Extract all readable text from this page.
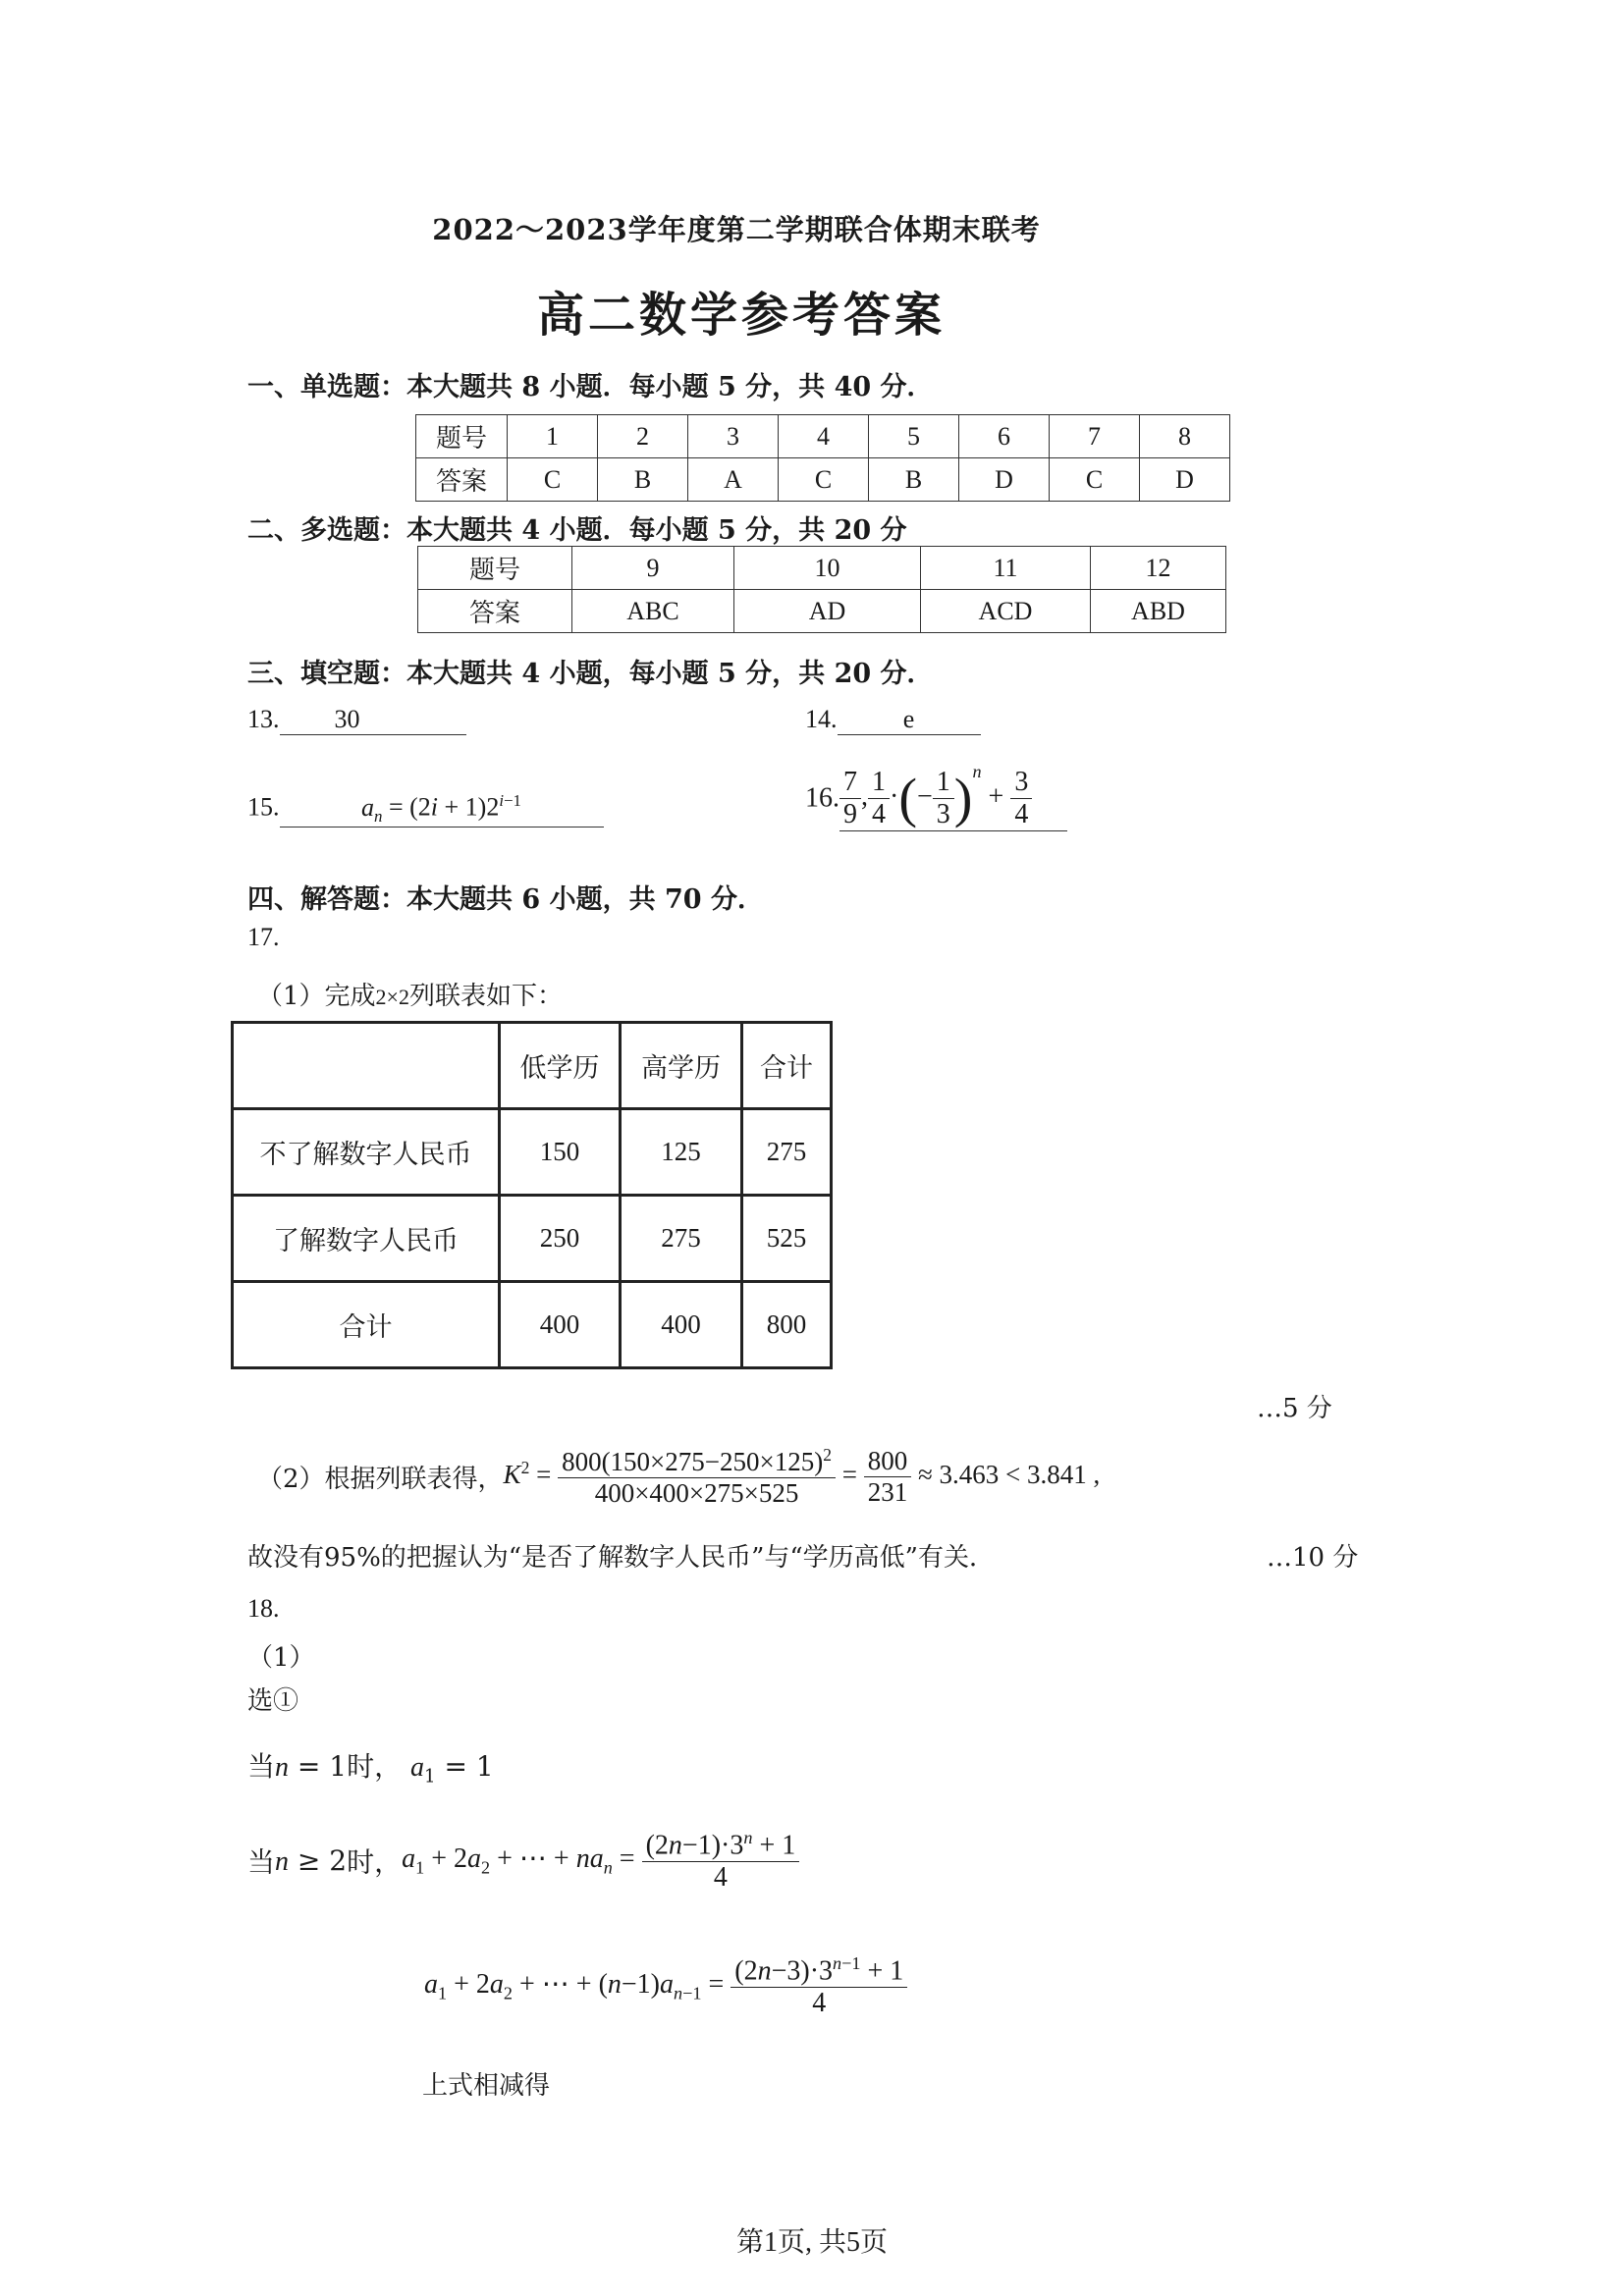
2022～2023学年度第二学期联合体期末联考
高二数学参考答案
一、单选题：本大题共 8 小题．每小题 5 分，共 40 分．
题号	1	2	3	4	5	6	7	8
答案	C	B	A	C	B	D	C	D
二、多选题：本大题共 4 小题．每小题 5 分，共 20 分
题号	9	10	11	12
答案	ABC	AD	ACD	ABD
三、填空题：本大题共 4 小题，每小题 5 分，共 20 分．
13. 30	14.	e
15.	$a_n = (2i + 1)2^{i-1}$	16. $\frac{7}{9}$ , $\frac{1}{4}$ ·(− $\frac{1}{3} )^n + \frac{3}{4}$
四、解答题：本大题共 6 小题，共 70 分．
17.
（1）完成2×2列联表如下：
	低学历	高学历	合计
不了解数字人民币	150	125	275
了解数字人民币	250	275	525
合计	400	400	800
…5 分
（2）根据列联表得，$K^2 = \frac{800(150\times 275-250\times 125)^2}{400\times 400\times 275\times 525} = \frac{800}{231} \approx 3.463 < 3.841$ ,
故没有95%的把握认为“是否了解数字人民币”与“学历高低”有关．	…10 分
18.
（1）
选①
当n = 1时， $a_1 = 1$
当n ≥ 2时，$a_1 + 2a_2$ + ⋯ + $na_n = \frac{(2n-1)\cdot 3^n + 1}{4}$
$a_1 + 2a_2$ + ⋯ + $(n-1)a_{n-1} = \frac{(2n-3)\cdot 3^{n-1} + 1}{4}$
上式相减得
第1页, 共5页
